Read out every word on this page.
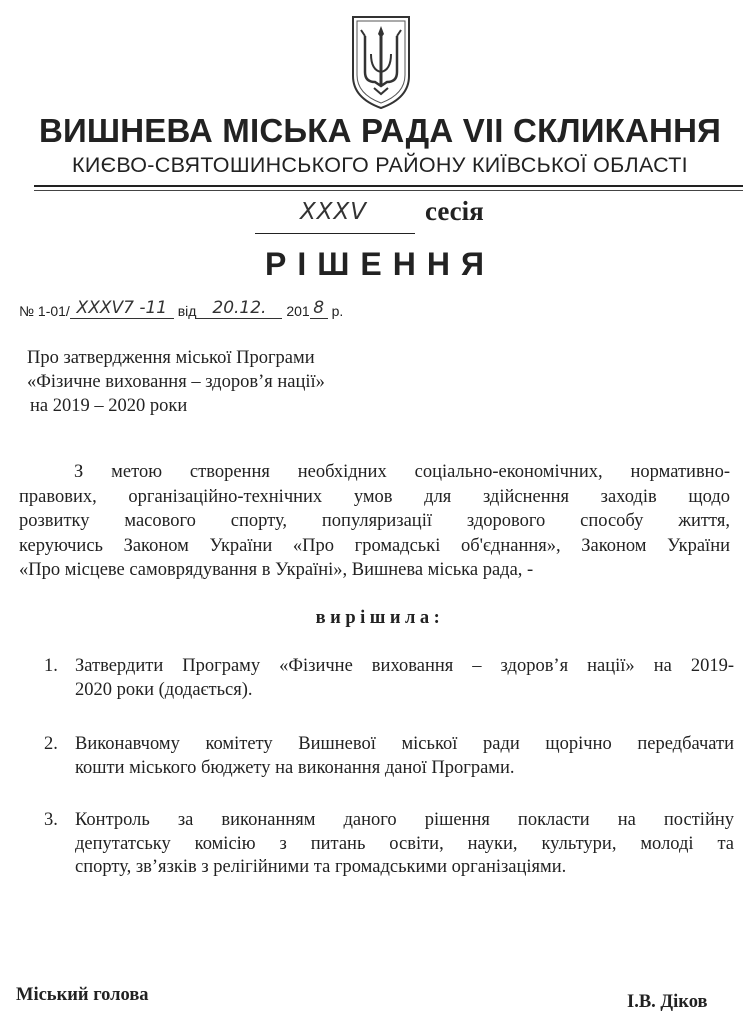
ВИШНЕВА МІСЬКА РАДА VII СКЛИКАННЯ
КИЄВО-СВЯТОШИНСЬКОГО РАЙОНУ КИЇВСЬКОЇ ОБЛАСТІ
XXXV сесія
РІШЕННЯ
№ 1-01/ XXXV7 -11 від 20.12. 201 8 р.
Про затвердження міської Програми
«Фізичне виховання – здоров’я нації»
на 2019 – 2020 роки
З метою створення необхідних соціально-економічних, нормативно-
правових, організаційно-технічних умов для здійснення заходів щодо
розвитку масового спорту, популяризації здорового способу життя,
керуючись Законом України «Про громадські об'єднання», Законом України
«Про місцеве самоврядування в Україні», Вишнева міська рада, -
вирішила:
1. Затвердити Програму «Фізичне виховання – здоров’я нації» на 2019-
2020 роки (додається).
2. Виконавчому комітету Вишневої міської ради щорічно передбачати
кошти міського бюджету на виконання даної Програми.
3. Контроль за виконанням даного рішення покласти на постійну
депутатську комісію з питань освіти, науки, культури, молоді та
спорту, зв’язків з релігійними та громадськими організаціями.
Міський голова	І.В. Діков
